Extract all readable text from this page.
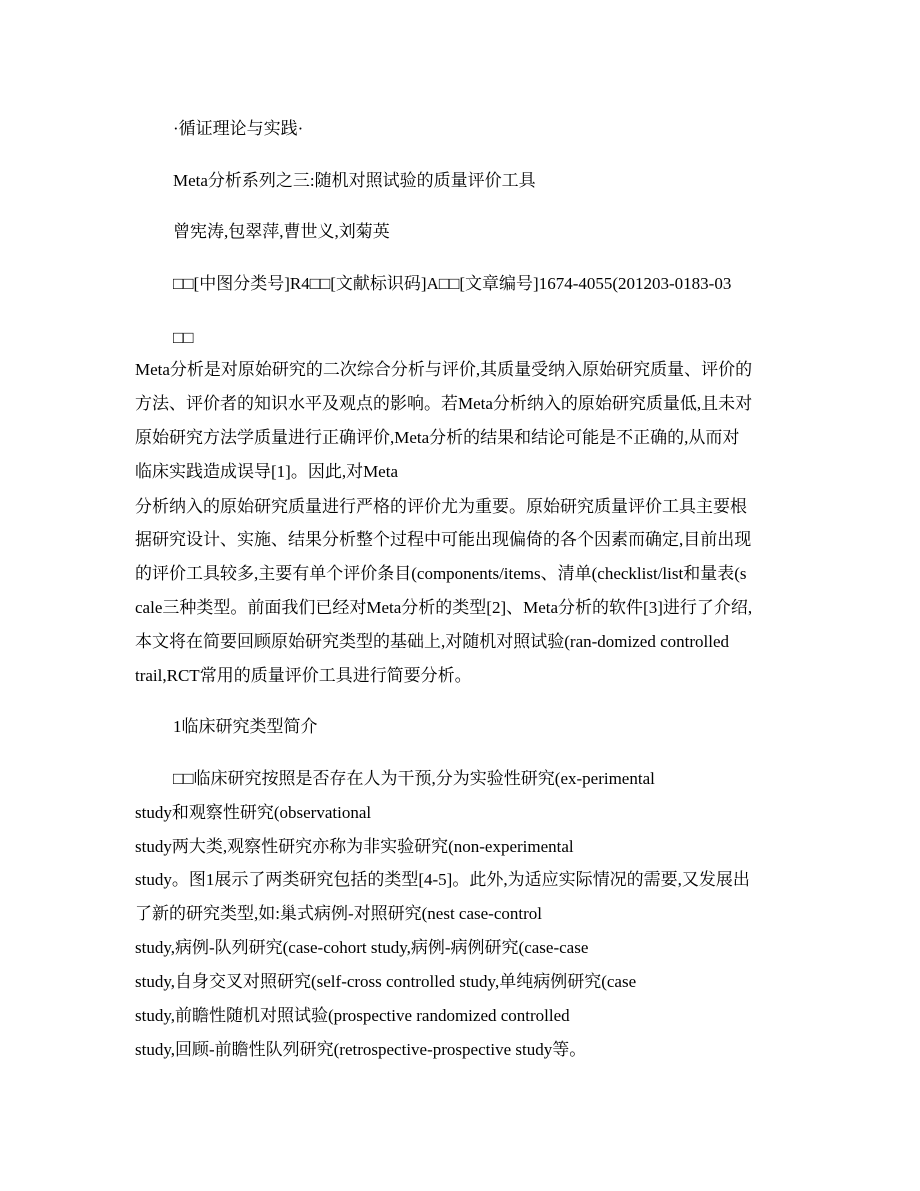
·循证理论与实践·
Meta分析系列之三:随机对照试验的质量评价工具
曾宪涛,包翠萍,曹世义,刘菊英
□□[中图分类号]R4□□[文献标识码]A□□[文章编号]1674-4055(201203-0183-03
□□
Meta分析是对原始研究的二次综合分析与评价,其质量受纳入原始研究质量、评价的
方法、评价者的知识水平及观点的影响。若Meta分析纳入的原始研究质量低,且未对
原始研究方法学质量进行正确评价,Meta分析的结果和结论可能是不正确的,从而对
临床实践造成误导[1]。因此,对Meta
分析纳入的原始研究质量进行严格的评价尤为重要。原始研究质量评价工具主要根
据研究设计、实施、结果分析整个过程中可能出现偏倚的各个因素而确定,目前出现
的评价工具较多,主要有单个评价条目(components/items、清单(checklist/list和量表(s
cale三种类型。前面我们已经对Meta分析的类型[2]、Meta分析的软件[3]进行了介绍,
本文将在简要回顾原始研究类型的基础上,对随机对照试验(ran-domized controlled
trail,RCT常用的质量评价工具进行简要分析。
1临床研究类型简介
□□临床研究按照是否存在人为干预,分为实验性研究(ex-perimental
study和观察性研究(observational
study两大类,观察性研究亦称为非实验研究(non-experimental
study。图1展示了两类研究包括的类型[4-5]。此外,为适应实际情况的需要,又发展出
了新的研究类型,如:巢式病例-对照研究(nest case-control
study,病例-队列研究(case-cohort study,病例-病例研究(case-case
study,自身交叉对照研究(self-cross controlled study,单纯病例研究(case
study,前瞻性随机对照试验(prospective randomized controlled
study,回顾-前瞻性队列研究(retrospective-prospective study等。
